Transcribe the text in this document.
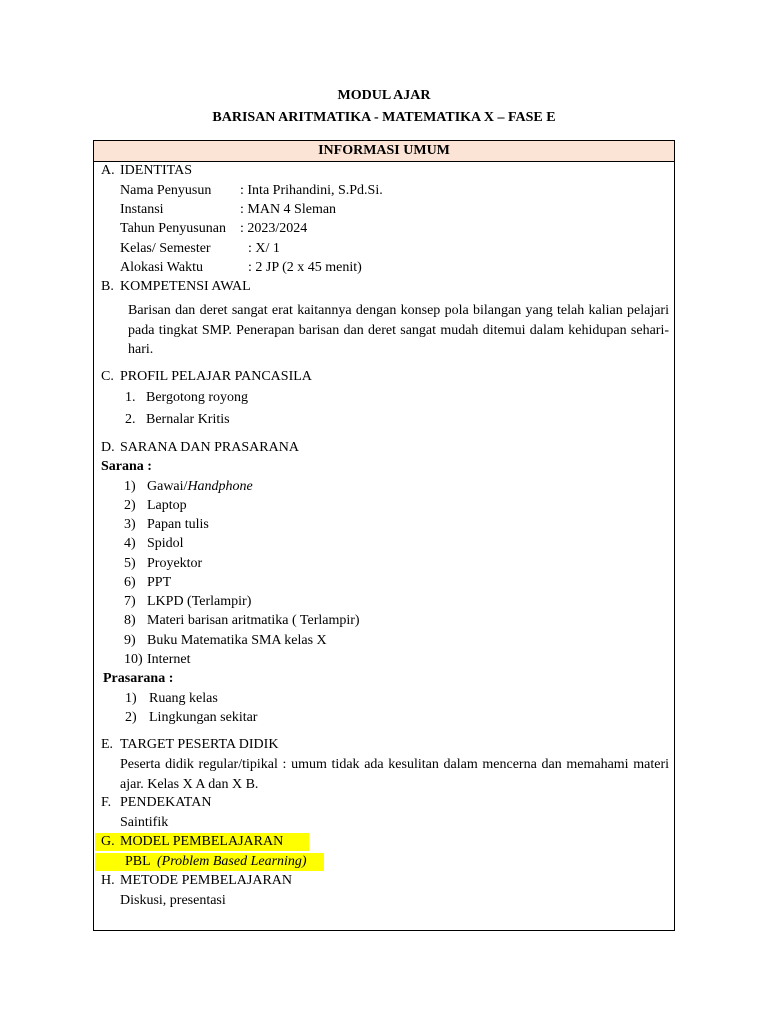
MODUL AJAR
BARISAN ARITMATIKA - MATEMATIKA X – FASE E
INFORMASI UMUM
A. IDENTITAS
Nama Penyusun : Inta Prihandini, S.Pd.Si.
Instansi	: MAN 4 Sleman
Tahun Penyusunan : 2023/2024
Kelas/ Semester	: X/ 1
Alokasi Waktu	: 2 JP (2 x 45 menit)
B. KOMPETENSI AWAL
Barisan dan deret sangat erat kaitannya dengan konsep pola bilangan yang telah kalian pelajari pada tingkat SMP. Penerapan barisan dan deret sangat mudah ditemui dalam kehidupan sehari-hari.
C. PROFIL PELAJAR PANCASILA
1. Bergotong royong
2. Bernalar Kritis
D. SARANA DAN PRASARANA
Sarana :
1) Gawai/Handphone
2) Laptop
3) Papan tulis
4) Spidol
5) Proyektor
6) PPT
7) LKPD (Terlampir)
8) Materi barisan aritmatika ( Terlampir)
9) Buku Matematika SMA kelas X
10) Internet
Prasarana :
1) Ruang kelas
2) Lingkungan sekitar
E. TARGET PESERTA DIDIK
Peserta didik regular/tipikal : umum tidak ada kesulitan dalam mencerna dan memahami materi ajar. Kelas X A dan X B.
F. PENDEKATAN
Saintifik
G. MODEL PEMBELAJARAN
PBL (Problem Based Learning)
H. METODE PEMBELAJARAN
Diskusi, presentasi
